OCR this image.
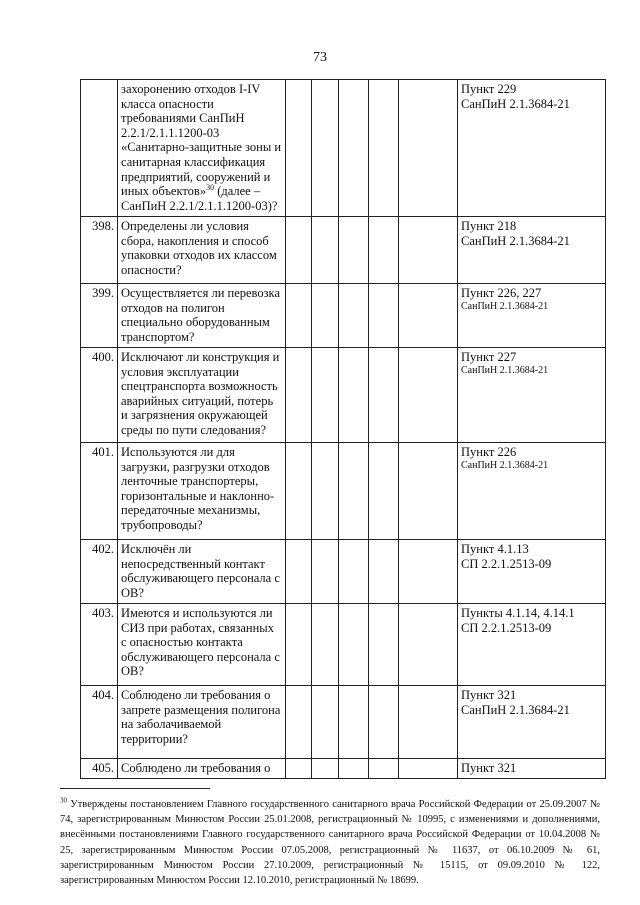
73
	захоронению отходов I-IV класса опасности требованиями СанПиН 2.2.1/2.1.1.1200-03 «Санитарно-защитные зоны и санитарная классификация предприятий, сооружений и иных объектов»$^{30}$ (далее – СанПиН 2.2.1/2.1.1.1200-03)?						Пункт 229
СанПиН 2.1.3684-21

398.	Определены ли условия сбора, накопления и способ упаковки отходов их классом опасности?						Пункт 218
СанПиН 2.1.3684-21

399.	Осуществляется ли перевозка отходов на полигон специально оборудованным транспортом?						Пункт 226, 227
СанПиН 2.1.3684-21

400.	Исключают ли конструкция и условия эксплуатации спецтранспорта возможность аварийных ситуаций, потерь и загрязнения окружающей среды по пути следования?						Пункт 227
СанПиН 2.1.3684-21

401.	Используются ли для загрузки, разгрузки отходов ленточные транспортеры, горизонтальные и наклонно-передаточные механизмы, трубопроводы?						Пункт 226
СанПиН 2.1.3684-21

402.	Исключён ли непосредственный контакт обслуживающего персонала с ОВ?						Пункт 4.1.13
СП 2.2.1.2513-09

403.	Имеются и используются ли СИЗ при работах, связанных с опасностью контакта обслуживающего персонала с ОВ?						Пункты 4.1.14, 4.14.1
СП 2.2.1.2513-09

404.	Соблюдено ли требования о запрете размещения полигона на заболачиваемой территории?						Пункт 321
СанПиН 2.1.3684-21

405.	Соблюдено ли требования о						Пункт 321
$^{30}$ Утверждены постановлением Главного государственного санитарного врача Российской Федерации от 25.09.2007 № 74, зарегистрированным Минюстом России 25.01.2008, регистрационный № 10995, с изменениями и дополнениями, внесёнными постановлениями Главного государственного санитарного врача Российской Федерации от 10.04.2008 № 25, зарегистрированным Минюстом России 07.05.2008, регистрационный № 11637, от 06.10.2009 № 61, зарегистрированным Минюстом России 27.10.2009, регистрационный № 15115, от 09.09.2010 № 122, зарегистрированным Минюстом России 12.10.2010, регистрационный № 18699.
